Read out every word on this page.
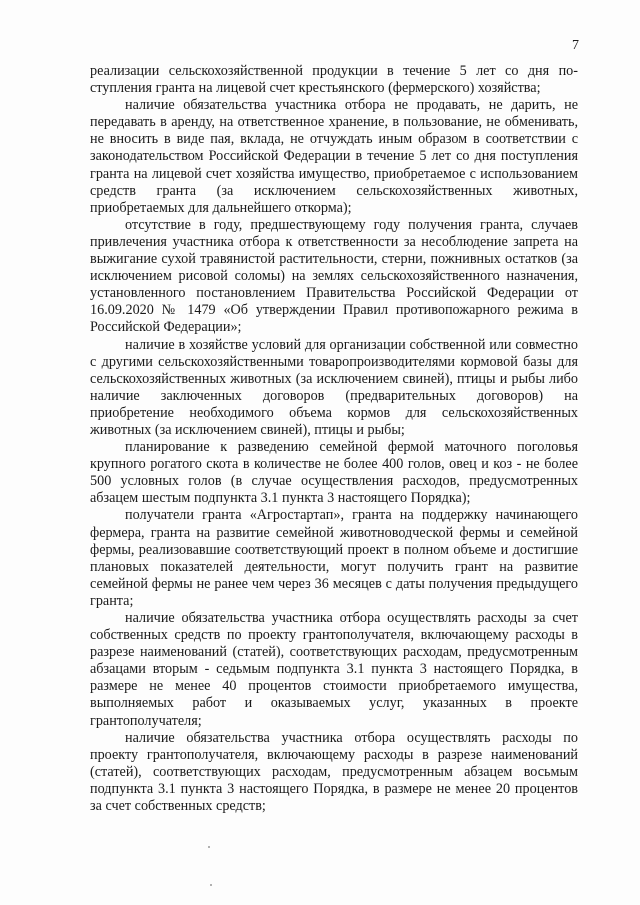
7

реализации сельскохозяйственной продукции в течение 5 лет со дня поступления гранта на лицевой счет крестьянского (фермерского) хозяйства;

наличие обязательства участника отбора не продавать, не дарить, не передавать в аренду, на ответственное хранение, в пользование, не обменивать, не вносить в виде пая, вклада, не отчуждать иным образом в соответствии с законодательством Российской Федерации в течение 5 лет со дня поступления гранта на лицевой счет хозяйства имущество, приобретаемое с использованием средств гранта (за исключением сельскохозяйственных животных, приобретаемых для дальнейшего откорма);

отсутствие в году, предшествующему году получения гранта, случаев привлечения участника отбора к ответственности за несоблюдение запрета на выжигание сухой травянистой растительности, стерни, пожнивных остатков (за исключением рисовой соломы) на землях сельскохозяйственного назначения, установленного постановлением Правительства Российской Федерации от 16.09.2020 № 1479 «Об утверждении Правил противопожарного режима в Российской Федерации»;

наличие в хозяйстве условий для организации собственной или совместно с другими сельскохозяйственными товаропроизводителями кормовой базы для сельскохозяйственных животных (за исключением свиней), птицы и рыбы либо наличие заключенных договоров (предварительных договоров) на приобретение необходимого объема кормов для сельскохозяйственных животных (за исключением свиней), птицы и рыбы;

планирование к разведению семейной фермой маточного поголовья крупного рогатого скота в количестве не более 400 голов, овец и коз - не более 500 условных голов (в случае осуществления расходов, предусмотренных абзацем шестым подпункта 3.1 пункта 3 настоящего Порядка);

получатели гранта «Агростартап», гранта на поддержку начинающего фермера, гранта на развитие семейной животноводческой фермы и семейной фермы, реализовавшие соответствующий проект в полном объеме и достигшие плановых показателей деятельности, могут получить грант на развитие семейной фермы не ранее чем через 36 месяцев с даты получения предыдущего гранта;

наличие обязательства участника отбора осуществлять расходы за счет собственных средств по проекту грантополучателя, включающему расходы в разрезе наименований (статей), соответствующих расходам, предусмотренным абзацами вторым - седьмым подпункта 3.1 пункта 3 настоящего Порядка, в размере не менее 40 процентов стоимости приобретаемого имущества, выполняемых работ и оказываемых услуг, указанных в проекте грантополучателя;

наличие обязательства участника отбора осуществлять расходы по проекту грантополучателя, включающему расходы в разрезе наименований (статей), соответствующих расходам, предусмотренным абзацем восьмым подпункта 3.1 пункта 3 настоящего Порядка, в размере не менее 20 процентов за счет собственных средств;
